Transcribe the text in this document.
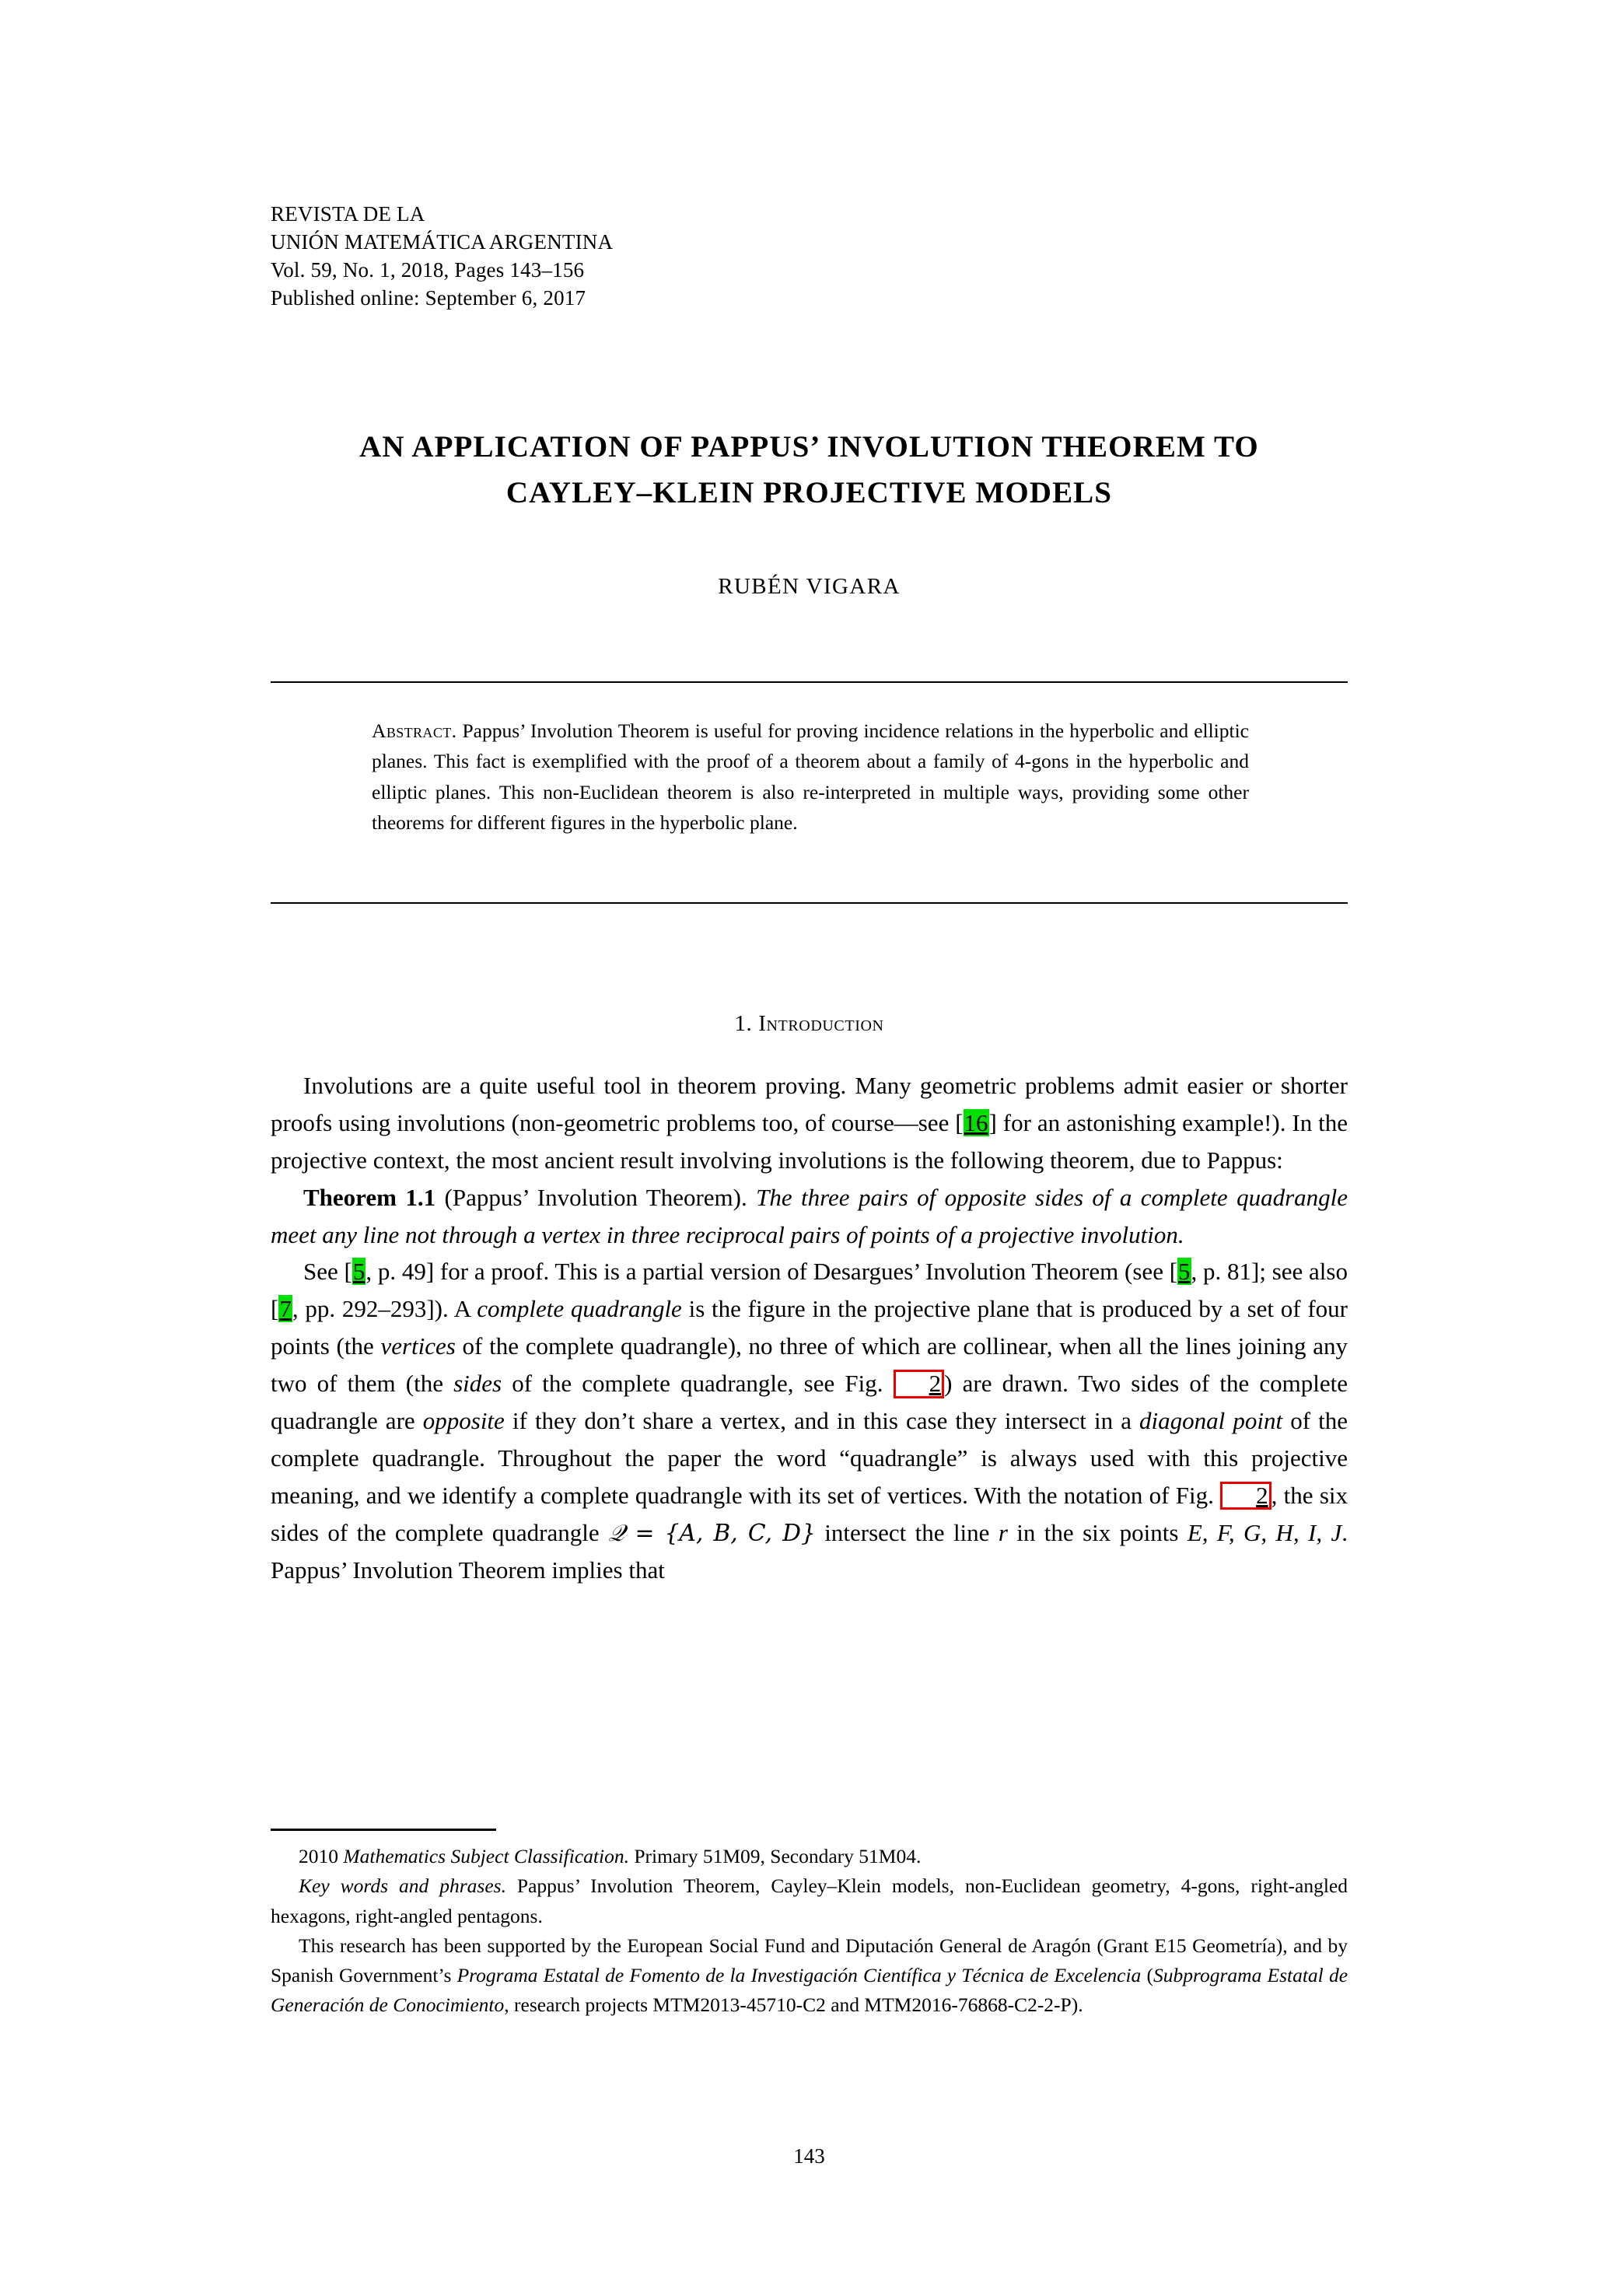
REVISTA DE LA
UNIÓN MATEMÁTICA ARGENTINA
Vol. 59, No. 1, 2018, Pages 143–156
Published online: September 6, 2017
AN APPLICATION OF PAPPUS’ INVOLUTION THEOREM TO
CAYLEY–KLEIN PROJECTIVE MODELS
RUBÉN VIGARA
Abstract. Pappus’ Involution Theorem is useful for proving incidence relations in the hyperbolic and elliptic planes. This fact is exemplified with the proof of a theorem about a family of 4-gons in the hyperbolic and elliptic planes. This non-Euclidean theorem is also re-interpreted in multiple ways, providing some other theorems for different figures in the hyperbolic plane.
1. Introduction

Involutions are a quite useful tool in theorem proving. Many geometric problems admit easier or shorter proofs using involutions (non-geometric problems too, of course—see [16] for an astonishing example!). In the projective context, the most ancient result involving involutions is the following theorem, due to Pappus:

Theorem 1.1 (Pappus’ Involution Theorem). The three pairs of opposite sides of a complete quadrangle meet any line not through a vertex in three reciprocal pairs of points of a projective involution.

See [5, p. 49] for a proof. This is a partial version of Desargues’ Involution Theorem (see [5, p. 81]; see also [7, pp. 292–293]). A complete quadrangle is the figure in the projective plane that is produced by a set of four points (the vertices of the complete quadrangle), no three of which are collinear, when all the lines joining any two of them (the sides of the complete quadrangle, see Fig. 2 ) are drawn. Two sides of the complete quadrangle are opposite if they don’t share a vertex, and in this case they intersect in a diagonal point of the complete quadrangle. Throughout the paper the word “quadrangle” is always used with this projective meaning, and we identify a complete quadrangle with its set of vertices. With the notation of Fig. 2 , the six sides of the complete quadrangle 𝒬 = {A, B, C, D} intersect the line r in the six points E, F, G, H, I, J. Pappus’ Involution Theorem implies that

2010 Mathematics Subject Classification. Primary 51M09, Secondary 51M04.

Key words and phrases. Pappus’ Involution Theorem, Cayley–Klein models, non-Euclidean geometry, 4-gons, right-angled hexagons, right-angled pentagons.

This research has been supported by the European Social Fund and Diputación General de Aragón (Grant E15 Geometría), and by Spanish Government’s Programa Estatal de Fomento de la Investigación Científica y Técnica de Excelencia (Subprograma Estatal de Generación de Conocimiento, research projects MTM2013-45710-C2 and MTM2016-76868-C2-2-P).

143
